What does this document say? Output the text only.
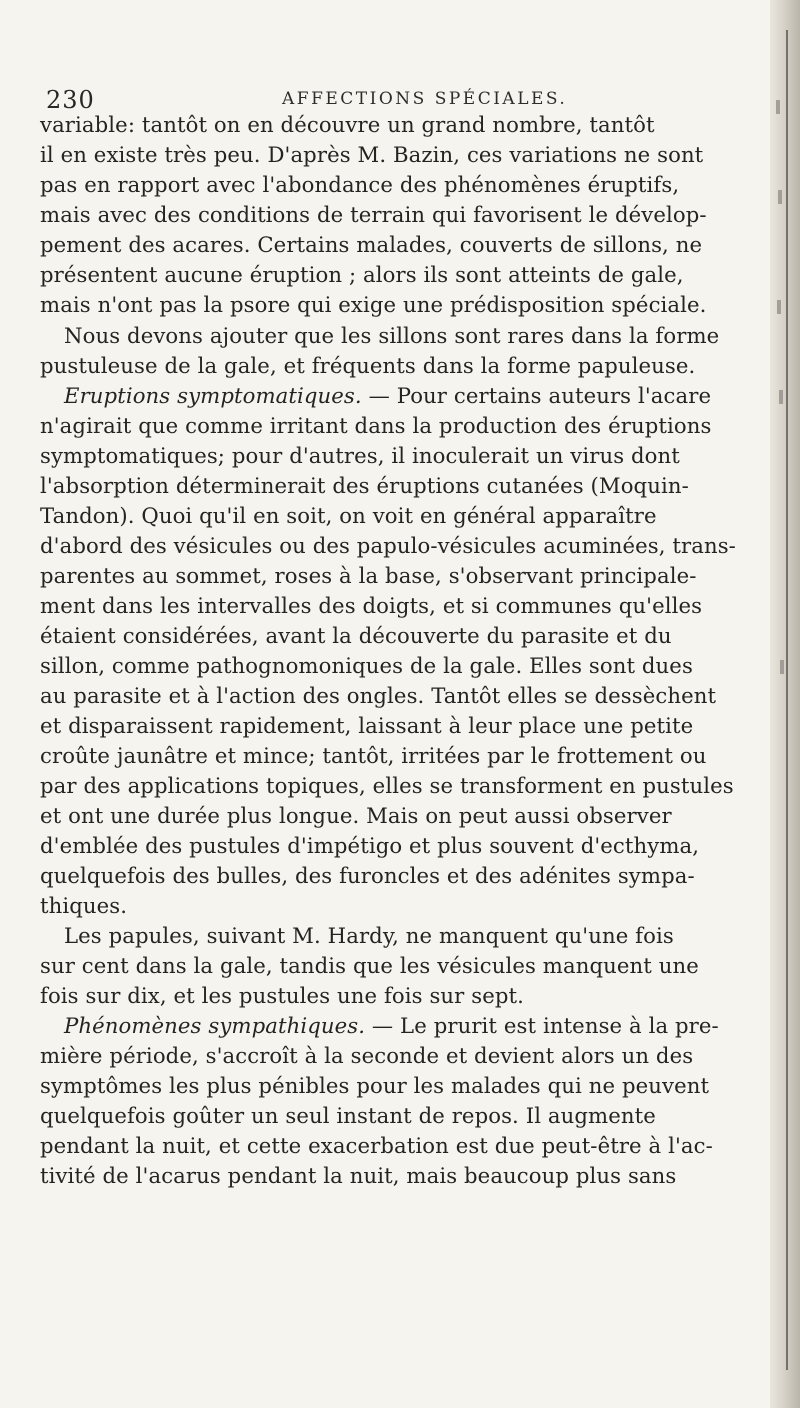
230	AFFECTIONS SPÉCIALES.
variable: tantôt on en découvre un grand nombre, tantôt
il en existe très peu. D'après M. Bazin, ces variations ne sont
pas en rapport avec l'abondance des phénomènes éruptifs,
mais avec des conditions de terrain qui favorisent le dévelop-
pement des acares. Certains malades, couverts de sillons, ne
présentent aucune éruption ; alors ils sont atteints de gale,
mais n'ont pas la psore qui exige une prédisposition spéciale.
Nous devons ajouter que les sillons sont rares dans la forme
pustuleuse de la gale, et fréquents dans la forme papuleuse.
Eruptions symptomatiques. — Pour certains auteurs l'acare
n'agirait que comme irritant dans la production des éruptions
symptomatiques; pour d'autres, il inoculerait un virus dont
l'absorption déterminerait des éruptions cutanées (Moquin-
Tandon). Quoi qu'il en soit, on voit en général apparaître
d'abord des vésicules ou des papulo-vésicules acuminées, trans-
parentes au sommet, roses à la base, s'observant principale-
ment dans les intervalles des doigts, et si communes qu'elles
étaient considérées, avant la découverte du parasite et du
sillon, comme pathognomoniques de la gale. Elles sont dues
au parasite et à l'action des ongles. Tantôt elles se dessèchent
et disparaissent rapidement, laissant à leur place une petite
croûte jaunâtre et mince; tantôt, irritées par le frottement ou
par des applications topiques, elles se transforment en pustules
et ont une durée plus longue. Mais on peut aussi observer
d'emblée des pustules d'impétigo et plus souvent d'ecthyma,
quelquefois des bulles, des furoncles et des adénites sympa-
thiques.
Les papules, suivant M. Hardy, ne manquent qu'une fois
sur cent dans la gale, tandis que les vésicules manquent une
fois sur dix, et les pustules une fois sur sept.
Phénomènes sympathiques. — Le prurit est intense à la pre-
mière période, s'accroît à la seconde et devient alors un des
symptômes les plus pénibles pour les malades qui ne peuvent
quelquefois goûter un seul instant de repos. Il augmente
pendant la nuit, et cette exacerbation est due peut-être à l'ac-
tivité de l'acarus pendant la nuit, mais beaucoup plus sans
